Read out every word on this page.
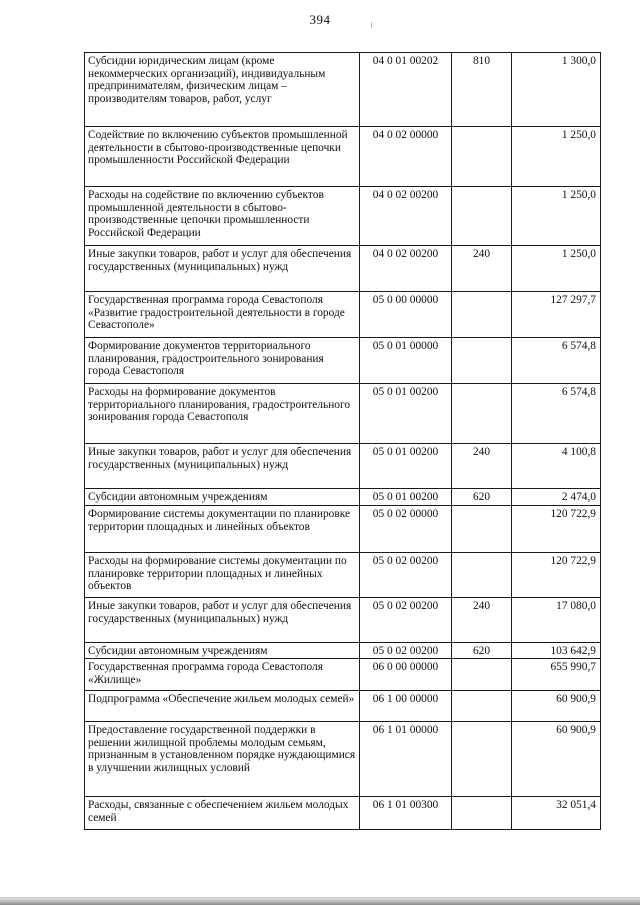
394
Субсидии юридическим лицам (кроме некоммерческих организаций), индивидуальным предпринимателям, физическим лицам – производителям товаров, работ, услуг	04 0 01 00202	810	1 300,0
Содействие по включению субъектов промышленной деятельности в сбытово-производственные цепочки промышленности Российской Федерации	04 0 02 00000		1 250,0
Расходы на содействие по включению субъектов промышленной деятельности в сбытово-производственные цепочки промышленности Российской Федерации	04 0 02 00200		1 250,0
Иные закупки товаров, работ и услуг для обеспечения государственных (муниципальных) нужд	04 0 02 00200	240	1 250,0
Государственная программа города Севастополя «Развитие градостроительной деятельности в городе Севастополе»	05 0 00 00000		127 297,7
Формирование документов территориального планирования, градостроительного зонирования города Севастополя	05 0 01 00000		6 574,8
Расходы на формирование документов территориального планирования, градостроительного зонирования города Севастополя	05 0 01 00200		6 574,8
Иные закупки товаров, работ и услуг для обеспечения государственных (муниципальных) нужд	05 0 01 00200	240	4 100,8
Субсидии автономным учреждениям	05 0 01 00200	620	2 474,0
Формирование системы документации по планировке территории площадных и линейных объектов	05 0 02 00000		120 722,9
Расходы на формирование системы документации по планировке территории площадных и линейных объектов	05 0 02 00200		120 722,9
Иные закупки товаров, работ и услуг для обеспечения государственных (муниципальных) нужд	05 0 02 00200	240	17 080,0
Субсидии автономным учреждениям	05 0 02 00200	620	103 642,9
Государственная программа города Севастополя «Жилище»	06 0 00 00000		655 990,7
Подпрограмма «Обеспечение жильем молодых семей»	06 1 00 00000		60 900,9
Предоставление государственной поддержки в решении жилищной проблемы молодым семьям, признанным в установленном порядке нуждающимися в улучшении жилищных условий	06 1 01 00000		60 900,9
Расходы, связанные с обеспечением жильем молодых семей	06 1 01 00300		32 051,4
